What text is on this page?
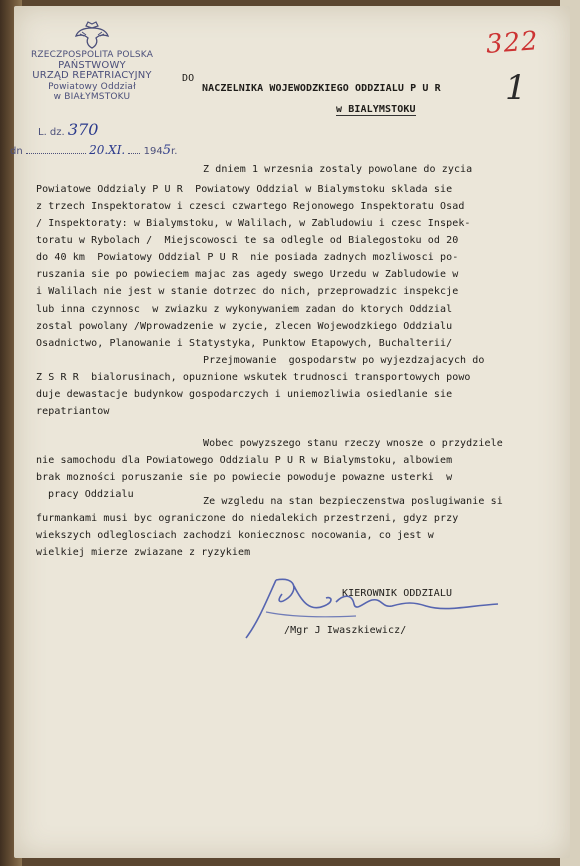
RZECZPOSPOLITA POLSKA
PAŃSTWOWY
URZĄD REPATRIACYJNY
Powiatowy Oddział
w BIAŁYMSTOKU
L. dz. 370
dn	20.XI. 1945r.
322
1
DO
NACZELNIKA WOJEWODZKIEGO ODDZIALU P U R
w BIALYMSTOKU
Z dniem 1 wrzesnia zostaly powolane do zycia
Powiatowe Oddzialy P U R  Powiatowy Oddzial w Bialymstoku sklada sie
z trzech Inspektoratow i czesci czwartego Rejonowego Inspektoratu Osad
/ Inspektoraty: w Bialymstoku, w Walilach, w Zabludowiu i czesc Inspek-
toratu w Rybolach /  Miejscowosci te sa odlegle od Bialegostoku od 20
do 40 km  Powiatowy Oddzial P U R  nie posiada zadnych mozliwosci po-
ruszania sie po powieciem majac zas agedy swego Urzedu w Zabludowie w
i Walilach nie jest w stanie dotrzec do nich, przeprowadzic inspekcje
lub inna czynnosc  w zwiazku z wykonywaniem zadan do ktorych Oddzial
zostal powolany /Wprowadzenie w zycie, zlecen Wojewodzkiego Oddzialu
Osadnictwo, Planowanie i Statystyka, Punktow Etapowych, Buchalterii/
Przejmowanie  gospodarstw po wyjezdzajacych do
Z S R R  bialorusinach, opuznione wskutek trudnosci transportowych powo
duje dewastacje budynkow gospodarczych i uniemozliwia osiedlanie sie
repatriantow
Wobec powyzszego stanu rzeczy wnosze o przydziele
nie samochodu dla Powiatowego Oddzialu P U R w Bialymstoku, albowiem
brak mozności poruszanie sie po powiecie powoduje powazne usterki  w
pracy Oddzialu
Ze wzgledu na stan bezpieczenstwa poslugiwanie si
furmankami musi byc ograniczone do niedalekich przestrzeni, gdyz przy
wiekszych odleglosciach zachodzi koniecznosc nocowania, co jest w
wielkiej mierze zwiazane z ryzykiem
KIEROWNIK ODDZIALU
/Mgr J Iwaszkiewicz/
